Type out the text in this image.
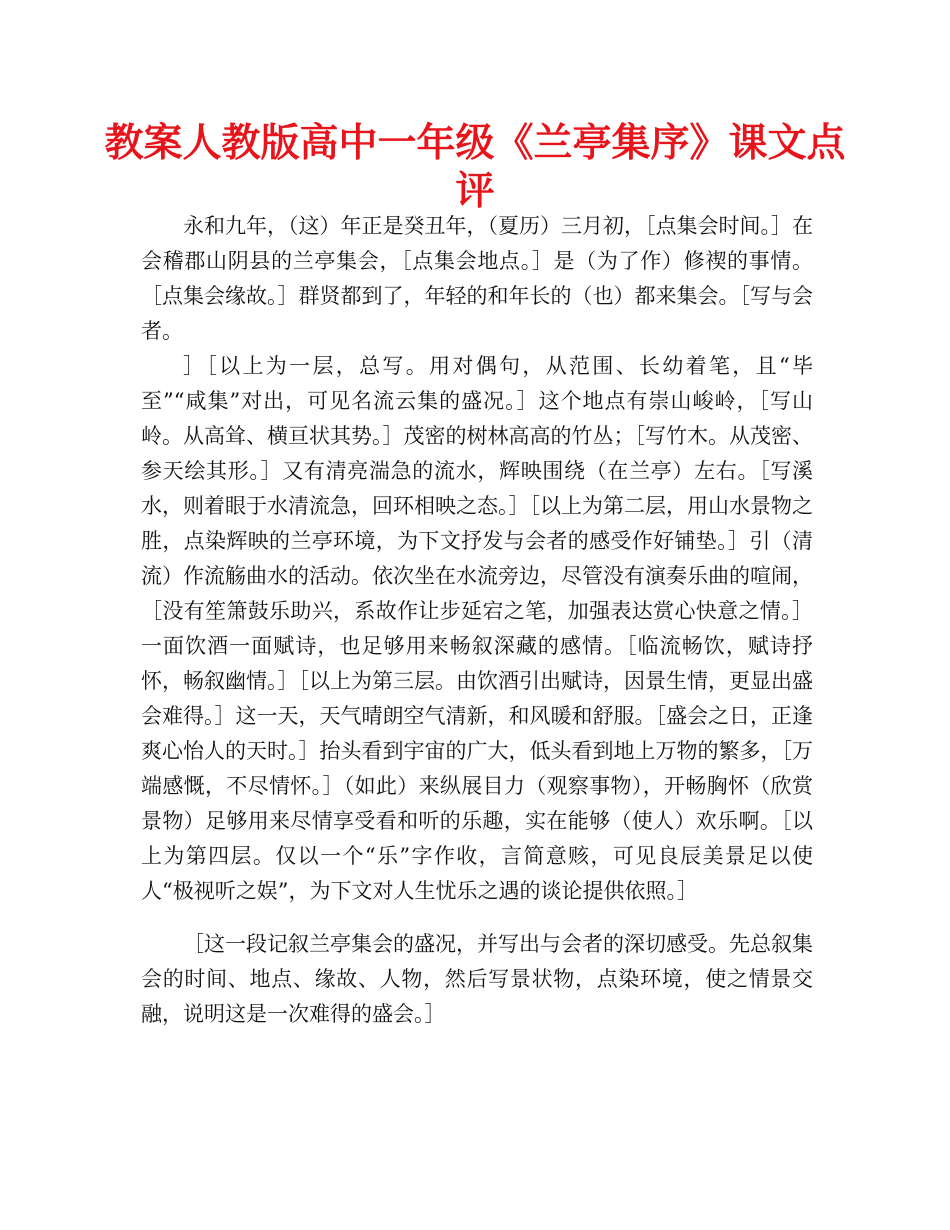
教案人教版高中一年级《兰亭集序》课文点评

永和九年，（这）年正是癸丑年，（夏历）三月初，［点集会时间。］在会稽郡山阴县的兰亭集会，［点集会地点。］是（为了作）修禊的事情。［点集会缘故。］群贤都到了，年轻的和年长的（也）都来集会。［写与会者。

］［以上为一层，总写。用对偶句，从范围、长幼着笔，且“毕至”“咸集”对出，可见名流云集的盛况。］这个地点有崇山峻岭，［写山岭。从高耸、横亘状其势。］茂密的树林高高的竹丛；［写竹木。从茂密、参天绘其形。］又有清亮湍急的流水，辉映围绕（在兰亭）左右。［写溪水，则着眼于水清流急，回环相映之态。］［以上为第二层，用山水景物之胜，点染辉映的兰亭环境，为下文抒发与会者的感受作好铺垫。］引（清流）作流觞曲水的活动。依次坐在水流旁边，尽管没有演奏乐曲的喧闹，［没有笙箫鼓乐助兴，系故作让步延宕之笔，加强表达赏心快意之情。］一面饮酒一面赋诗，也足够用来畅叙深藏的感情。［临流畅饮，赋诗抒怀，畅叙幽情。］［以上为第三层。由饮酒引出赋诗，因景生情，更显出盛会难得。］这一天，天气晴朗空气清新，和风暖和舒服。［盛会之日，正逢爽心怡人的天时。］抬头看到宇宙的广大，低头看到地上万物的繁多，［万端感慨，不尽情怀。］（如此）来纵展目力（观察事物），开畅胸怀（欣赏景物）足够用来尽情享受看和听的乐趣，实在能够（使人）欢乐啊。［以上为第四层。仅以一个“乐”字作收，言简意赅，可见良辰美景足以使人“极视听之娱”，为下文对人生忧乐之遇的谈论提供依照。］

［这一段记叙兰亭集会的盛况，并写出与会者的深切感受。先总叙集会的时间、地点、缘故、人物，然后写景状物，点染环境，使之情景交融，说明这是一次难得的盛会。］
